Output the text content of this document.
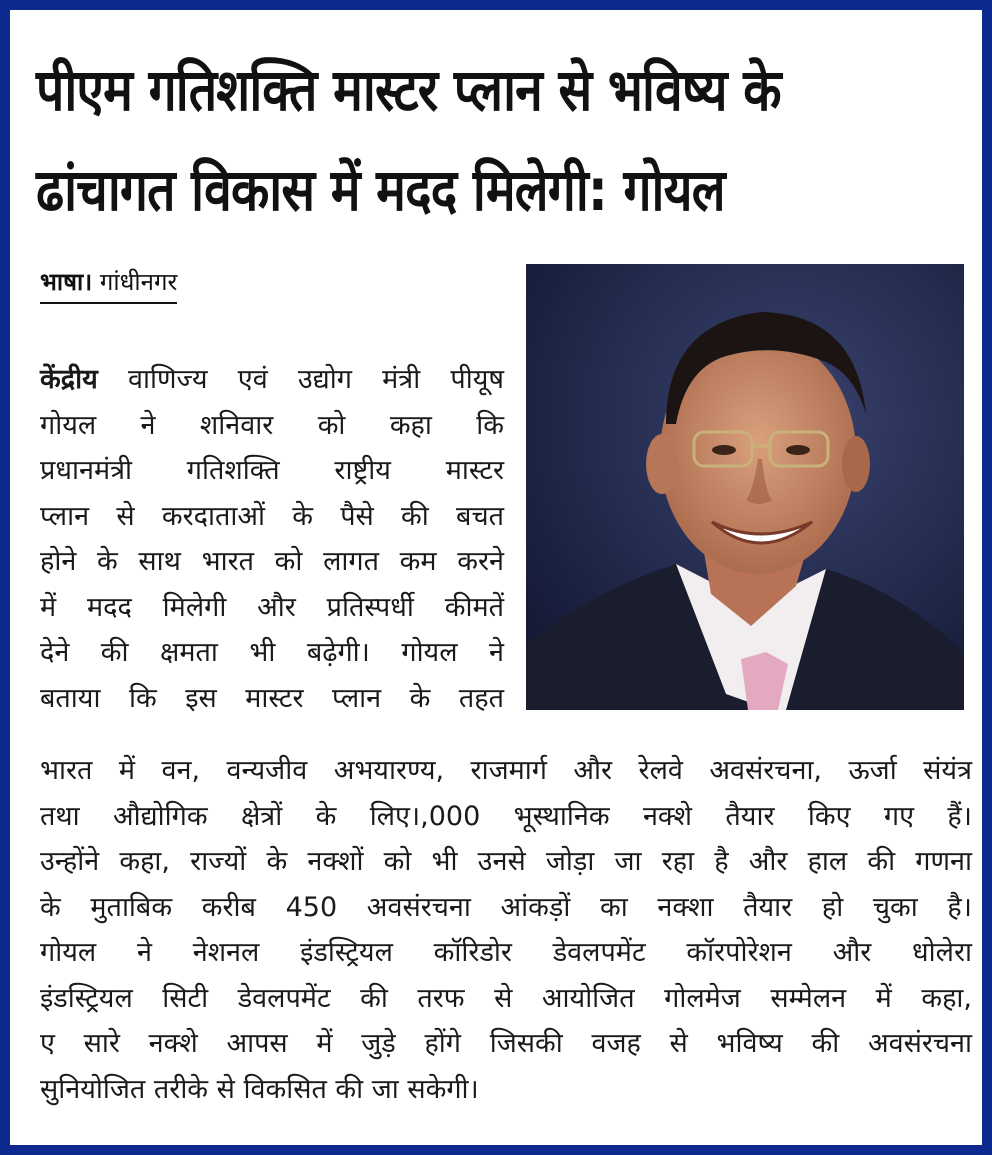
पीएम गतिशक्ति मास्टर प्लान से भविष्य के
ढांचागत विकास में मदद मिलेगी: गोयल
भाषा। गांधीनगर
केंद्रीय वाणिज्य एवं उद्योग मंत्री पीयूष
गोयल ने शनिवार को कहा कि
प्रधानमंत्री गतिशक्ति राष्ट्रीय मास्टर
प्लान से करदाताओं के पैसे की बचत
होने के साथ भारत को लागत कम करने
में मदद मिलेगी और प्रतिस्पर्धी कीमतें
देने की क्षमता भी बढ़ेगी। गोयल ने
बताया कि इस मास्टर प्लान के तहत
भारत में वन, वन्यजीव अभयारण्य, राजमार्ग और रेलवे अवसंरचना, ऊर्जा संयंत्र
तथा औद्योगिक क्षेत्रों के लिए।,000 भूस्थानिक नक्शे तैयार किए गए हैं।
उन्होंने कहा, राज्यों के नक्शों को भी उनसे जोड़ा जा रहा है और हाल की गणना
के मुताबिक करीब 450 अवसंरचना आंकड़ों का नक्शा तैयार हो चुका है।
गोयल ने नेशनल इंडस्ट्रियल कॉरिडोर डेवलपमेंट कॉरपोरेशन और धोलेरा
इंडस्ट्रियल सिटी डेवलपमेंट की तरफ से आयोजित गोलमेज सम्मेलन में कहा,
ए सारे नक्शे आपस में जुड़े होंगे जिसकी वजह से भविष्य की अवसंरचना
सुनियोजित तरीके से विकसित की जा सकेगी।
